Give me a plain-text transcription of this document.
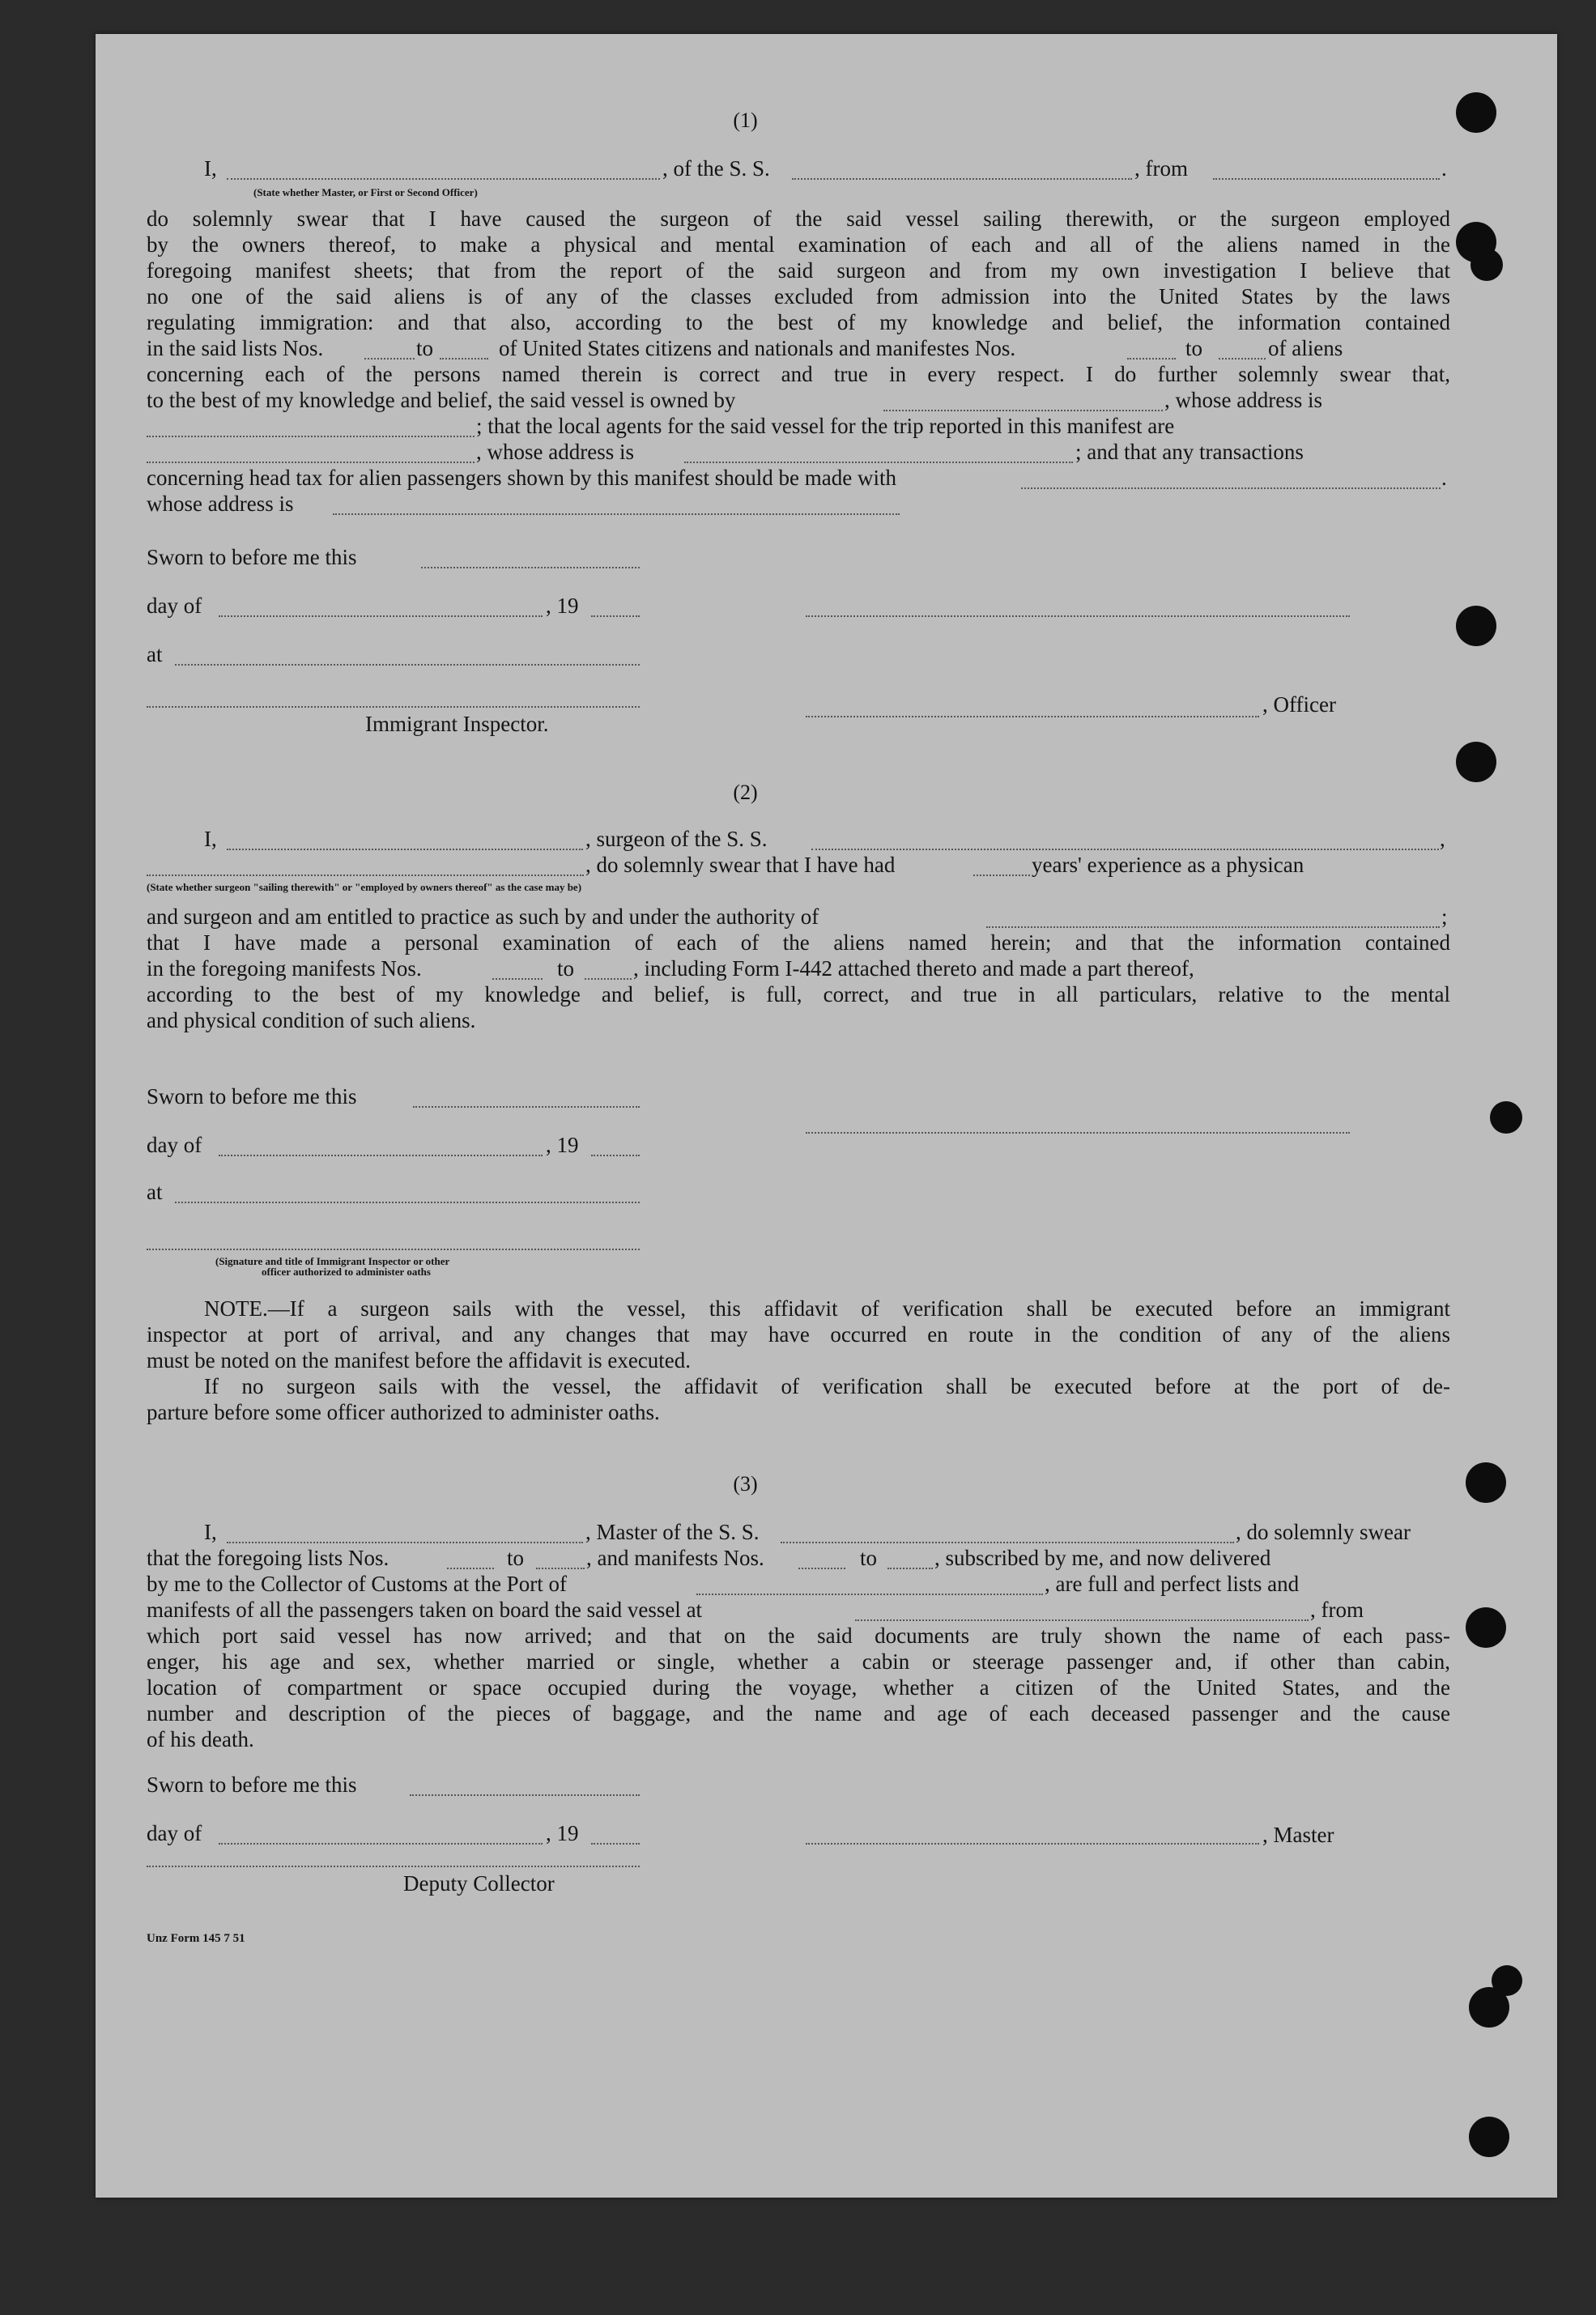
(1)
I,	, of the S. S.	, from	.
(State whether Master, or First or Second Officer)
do solemnly swear that I have caused the surgeon of the said vessel sailing therewith, or the surgeon employed
by the owners thereof, to make a physical and mental examination of each and all of the aliens named in the
foregoing manifest sheets; that from the report of the said surgeon and from my own investigation I believe that
no one of the said aliens is of any of the classes excluded from admission into the United States by the laws
regulating immigration: and that also, according to the best of my knowledge and belief, the information contained
in the said lists Nos.	to	of United States citizens and nationals and manifestes Nos.	to	of aliens
concerning each of the persons named therein is correct and true in every respect. I do further solemnly swear that,
to the best of my knowledge and belief, the said vessel is owned by	, whose address is
; that the local agents for the said vessel for the trip reported in this manifest are
, whose address is	; and that any transactions
concerning head tax for alien passengers shown by this manifest should be made with	.
whose address is
Sworn to before me this
day of	, 19
at
, Officer
Immigrant Inspector.
(2)
I,	, surgeon of the S. S.	,
, do solemnly swear that I have had	years' experience as a physican
(State whether surgeon "sailing therewith" or "employed by owners thereof" as the case may be)
and surgeon and am entitled to practice as such by and under the authority of	;
that I have made a personal examination of each of the aliens named herein; and that the information contained
in the foregoing manifests Nos.	to	, including Form I-442 attached thereto and made a part thereof,
according to the best of my knowledge and belief, is full, correct, and true in all particulars, relative to the mental
and physical condition of such aliens.
Sworn to before me this
day of	, 19
at
(Signature and title of Immigrant Inspector or other
officer authorized to administer oaths
NOTE.—If a surgeon sails with the vessel, this affidavit of verification shall be executed before an immigrant
inspector at port of arrival, and any changes that may have occurred en route in the condition of any of the aliens
must be noted on the manifest before the affidavit is executed.
If no surgeon sails with the vessel, the affidavit of verification shall be executed before at the port of de-
parture before some officer authorized to administer oaths.
(3)
I,	, Master of the S. S.	, do solemnly swear
that the foregoing lists Nos.	to	, and manifests Nos.	to	, subscribed by me, and now delivered
by me to the Collector of Customs at the Port of	, are full and perfect lists and
manifests of all the passengers taken on board the said vessel at	, from
which port said vessel has now arrived; and that on the said documents are truly shown the name of each pass-
enger, his age and sex, whether married or single, whether a cabin or steerage passenger and, if other than cabin,
location of compartment or space occupied during the voyage, whether a citizen of the United States, and the
number and description of the pieces of baggage, and the name and age of each deceased passenger and the cause
of his death.
Sworn to before me this
day of	, 19	, Master
Deputy Collector
Unz Form 145 7 51
